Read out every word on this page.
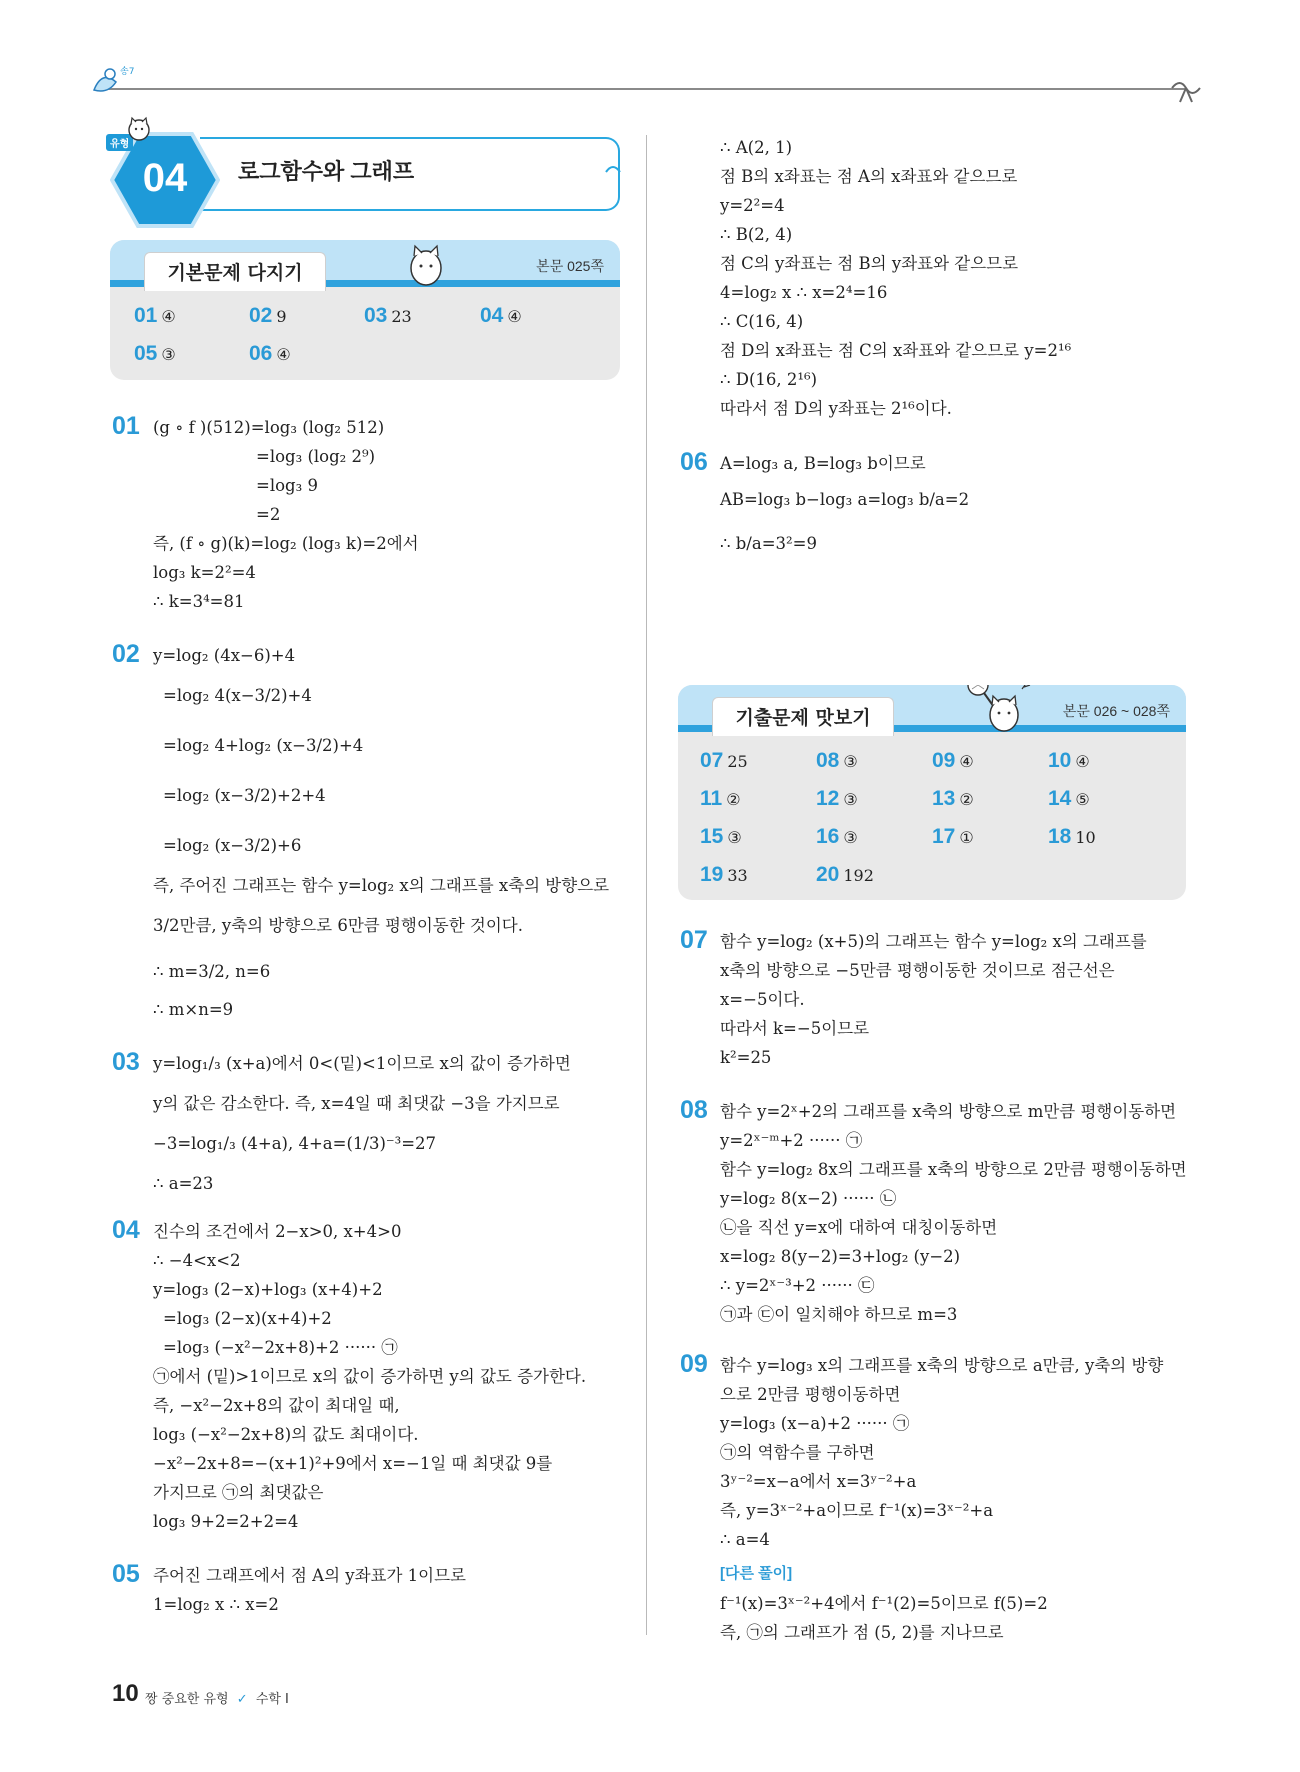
송7
04
유형
로그함수와 그래프
기본문제 다지기	본문 025쪽
01 ④	02 9	03 23	04 ④
05 ③	06 ④
01 (g ∘ f )(512)=log₃ (log₂ 512)
=log₃ (log₂ 2⁹)
=log₃ 9
=2
즉, (f ∘ g)(k)=log₂ (log₃ k)=2에서
log₃ k=2²=4
∴ k=3⁴=81
02 y=log₂ (4x−6)+4
=log₂ 4(x−3/2)+4
=log₂ 4+log₂ (x−3/2)+4
=log₂ (x−3/2)+2+4
=log₂ (x−3/2)+6
즉, 주어진 그래프는 함수 y=log₂ x의 그래프를 x축의 방향으로
3/2만큼, y축의 방향으로 6만큼 평행이동한 것이다.
∴ m=3/2, n=6
∴ m×n=9
03 y=log₁/₃ (x+a)에서 0<(밑)<1이므로 x의 값이 증가하면
y의 값은 감소한다. 즉, x=4일 때 최댓값 −3을 가지므로
−3=log₁/₃ (4+a), 4+a=(1/3)⁻³=27
∴ a=23
04 진수의 조건에서 2−x>0, x+4>0
∴ −4<x<2
y=log₃ (2−x)+log₃ (x+4)+2
=log₃ (2−x)(x+4)+2
=log₃ (−x²−2x+8)+2 ······ ㉠
㉠에서 (밑)>1이므로 x의 값이 증가하면 y의 값도 증가한다.
즉, −x²−2x+8의 값이 최대일 때,
log₃ (−x²−2x+8)의 값도 최대이다.
−x²−2x+8=−(x+1)²+9에서 x=−1일 때 최댓값 9를
가지므로 ㉠의 최댓값은
log₃ 9+2=2+2=4
05 주어진 그래프에서 점 A의 y좌표가 1이므로
1=log₂ x ∴ x=2
∴ A(2, 1)
점 B의 x좌표는 점 A의 x좌표와 같으므로
y=2²=4
∴ B(2, 4)
점 C의 y좌표는 점 B의 y좌표와 같으므로
4=log₂ x ∴ x=2⁴=16
∴ C(16, 4)
점 D의 x좌표는 점 C의 x좌표와 같으므로 y=2¹⁶
∴ D(16, 2¹⁶)
따라서 점 D의 y좌표는 2¹⁶이다.
06 A=log₃ a, B=log₃ b이므로
AB=log₃ b−log₃ a=log₃ b/a=2
∴ b/a=3²=9
기출문제 맛보기	본문 026 ~ 028쪽
07 25	08 ③	09 ④	10 ④
11 ②	12 ③	13 ②	14 ⑤
15 ③	16 ③	17 ①	18 10
19 33	20 192
07 함수 y=log₂ (x+5)의 그래프는 함수 y=log₂ x의 그래프를
x축의 방향으로 −5만큼 평행이동한 것이므로 점근선은
x=−5이다.
따라서 k=−5이므로
k²=25
08 함수 y=2ˣ+2의 그래프를 x축의 방향으로 m만큼 평행이동하면
y=2ˣ⁻ᵐ+2 ······ ㉠
함수 y=log₂ 8x의 그래프를 x축의 방향으로 2만큼 평행이동하면
y=log₂ 8(x−2) ······ ㉡
㉡을 직선 y=x에 대하여 대칭이동하면
x=log₂ 8(y−2)=3+log₂ (y−2)
∴ y=2ˣ⁻³+2 ······ ㉢
㉠과 ㉢이 일치해야 하므로 m=3
09 함수 y=log₃ x의 그래프를 x축의 방향으로 a만큼, y축의 방향
으로 2만큼 평행이동하면
y=log₃ (x−a)+2 ······ ㉠
㉠의 역함수를 구하면
3ʸ⁻²=x−a에서 x=3ʸ⁻²+a
즉, y=3ˣ⁻²+a이므로 f⁻¹(x)=3ˣ⁻²+a
∴ a=4
[다른 풀이]
f⁻¹(x)=3ˣ⁻²+4에서 f⁻¹(2)=5이므로 f(5)=2
즉, ㉠의 그래프가 점 (5, 2)를 지나므로
10 짱 중요한 유형 ✓ 수학 Ⅰ
